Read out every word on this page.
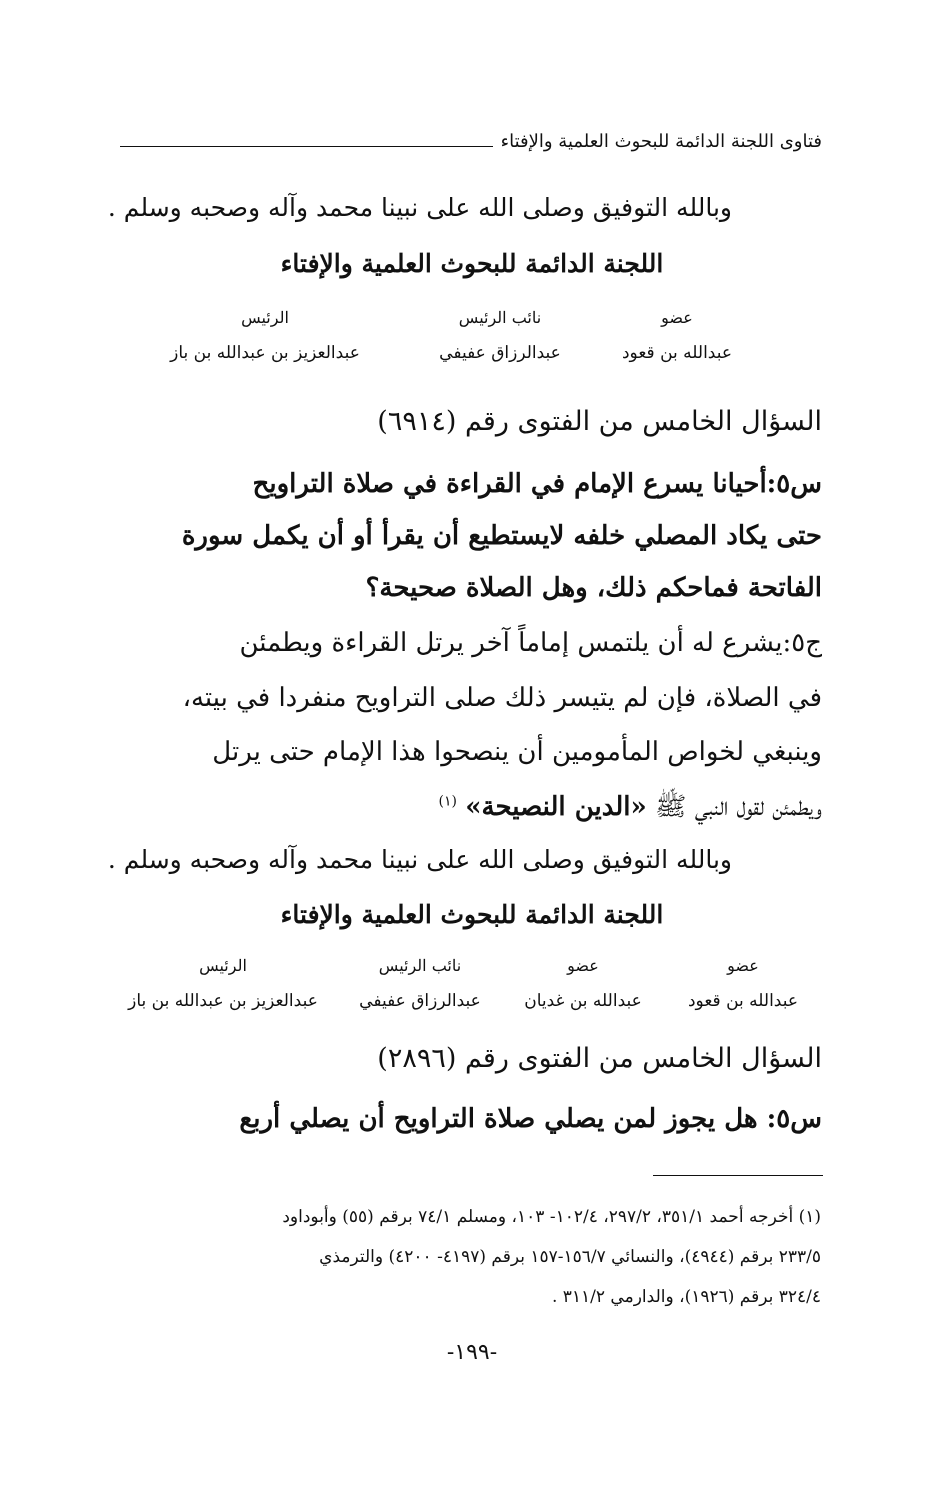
فتاوى اللجنة الدائمة للبحوث العلمية والإفتاء
وبالله التوفيق وصلى الله على نبينا محمد وآله وصحبه وسلم .
اللجنة الدائمة للبحوث العلمية والإفتاء
عضو
عبدالله بن قعود
نائب الرئيس
عبدالرزاق عفيفي
الرئيس
عبدالعزيز بن عبدالله بن باز
السؤال الخامس من الفتوى رقم (٦٩١٤)
س٥:أحيانا يسرع الإمام في القراءة في صلاة التراويح
حتى يكاد المصلي خلفه لايستطيع أن يقرأ أو أن يكمل سورة
الفاتحة فماحكم ذلك، وهل الصلاة صحيحة؟
ج٥:يشرع له أن يلتمس إماماً آخر يرتل القراءة ويطمئن
في الصلاة، فإن لم يتيسر ذلك صلى التراويح منفردا في بيته،
وينبغي لخواص المأمومين أن ينصحوا هذا الإمام حتى يرتل
ويطمئن لقول النبي ﷺ «الدين النصيحة» $^{(١)}$
وبالله التوفيق وصلى الله على نبينا محمد وآله وصحبه وسلم .
اللجنة الدائمة للبحوث العلمية والإفتاء
عضو
عبدالله بن قعود
عضو
عبدالله بن غديان
نائب الرئيس
عبدالرزاق عفيفي
الرئيس
عبدالعزيز بن عبدالله بن باز
السؤال الخامس من الفتوى رقم (٢٨٩٦)
س٥: هل يجوز لمن يصلي صلاة التراويح أن يصلي أربع
(١) أخرجه أحمد ٣٥١/١، ٢٩٧/٢، ١٠٢/٤- ١٠٣، ومسلم ٧٤/١ برقم (٥٥) وأبوداود
٢٣٣/٥ برقم (٤٩٤٤)، والنسائي ١٥٦/٧-١٥٧ برقم (٤١٩٧- ٤٢٠٠) والترمذي
٣٢٤/٤ برقم (١٩٢٦)، والدارمي ٣١١/٢ .
-١٩٩-
